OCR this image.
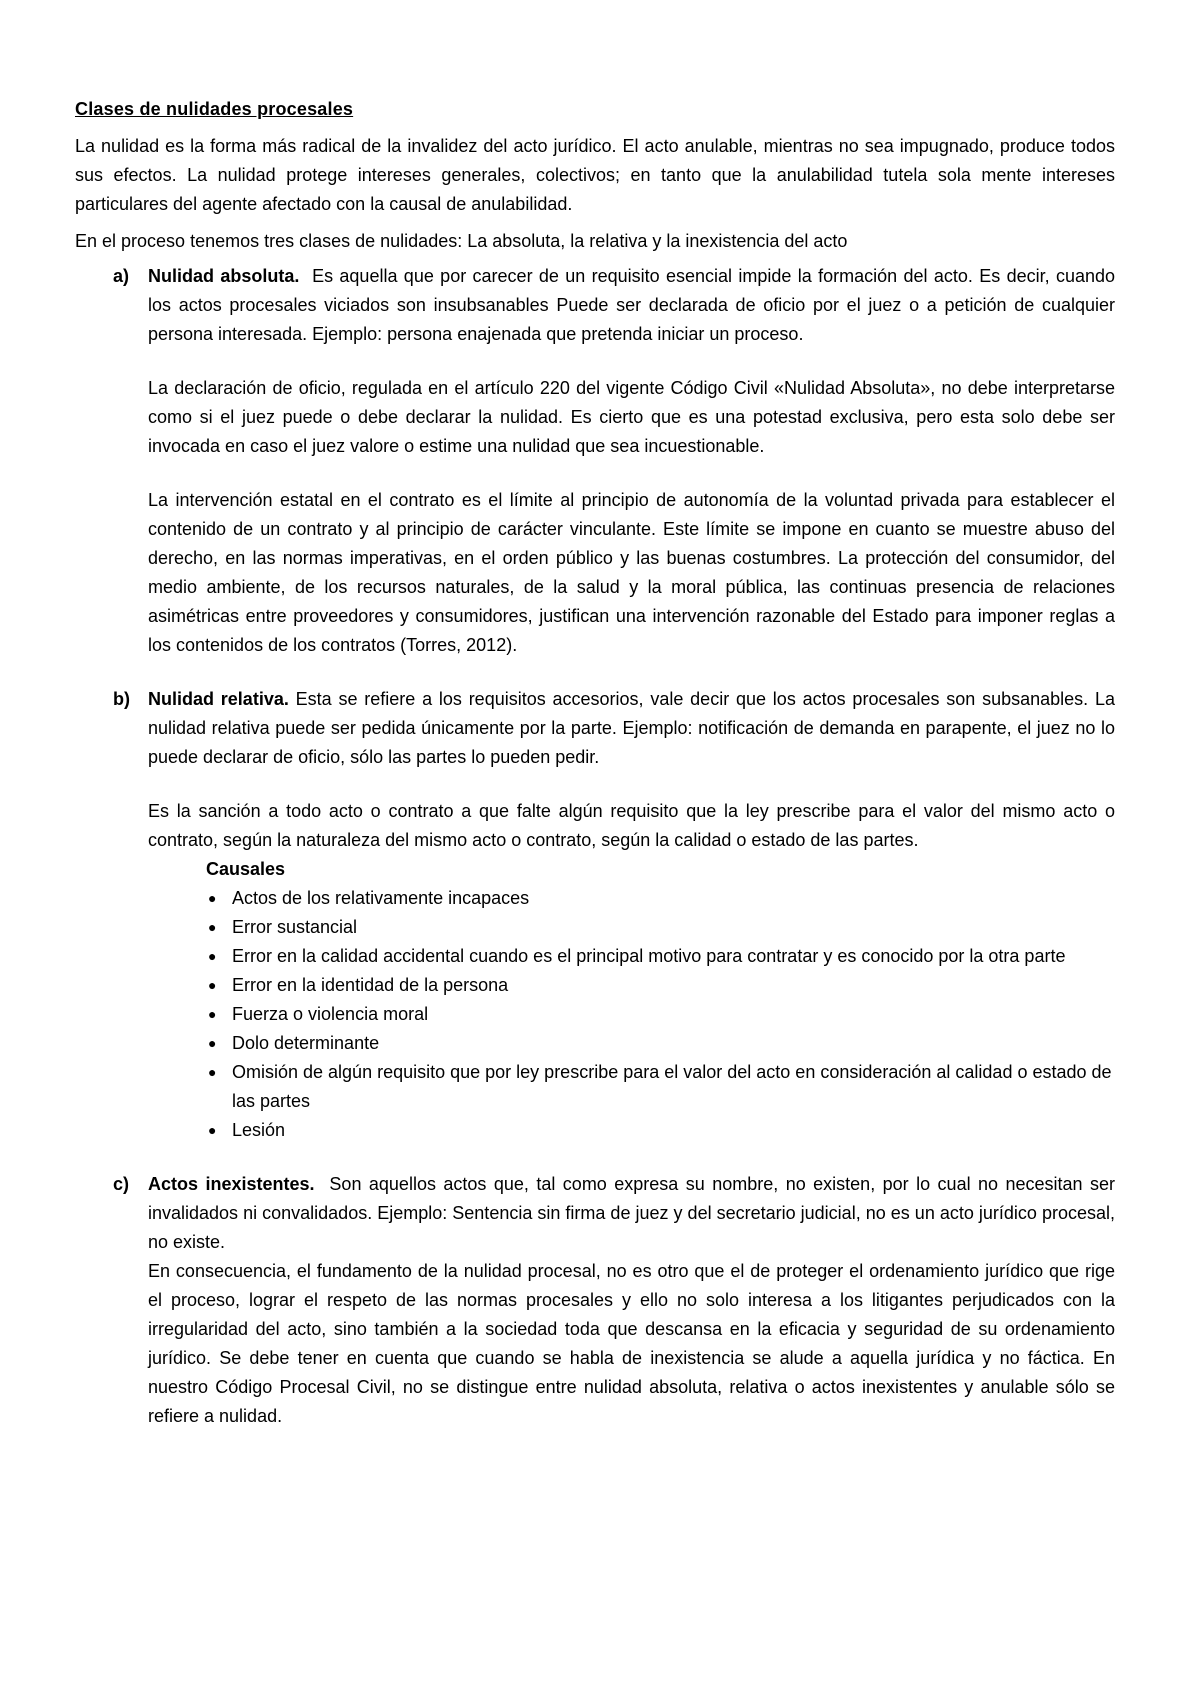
Clases de nulidades procesales

La nulidad es la forma más radical de la invalidez del acto jurídico. El acto anulable, mientras no sea impugnado, produce todos sus efectos. La nulidad protege intereses generales, colectivos; en tanto que la anulabilidad tutela sola mente intereses particulares del agente afectado con la causal de anulabilidad.

En el proceso tenemos tres clases de nulidades: La absoluta, la relativa y la inexistencia del acto

a) Nulidad absoluta. Es aquella que por carecer de un requisito esencial impide la formación del acto. Es decir, cuando los actos procesales viciados son insubsanables Puede ser declarada de oficio por el juez o a petición de cualquier persona interesada. Ejemplo: persona enajenada que pretenda iniciar un proceso.

La declaración de oficio, regulada en el artículo 220 del vigente Código Civil «Nulidad Absoluta», no debe interpretarse como si el juez puede o debe declarar la nulidad. Es cierto que es una potestad exclusiva, pero esta solo debe ser invocada en caso el juez valore o estime una nulidad que sea incuestionable.

La intervención estatal en el contrato es el límite al principio de autonomía de la voluntad privada para establecer el contenido de un contrato y al principio de carácter vinculante. Este límite se impone en cuanto se muestre abuso del derecho, en las normas imperativas, en el orden público y las buenas costumbres. La protección del consumidor, del medio ambiente, de los recursos naturales, de la salud y la moral pública, las continuas presencia de relaciones asimétricas entre proveedores y consumidores, justifican una intervención razonable del Estado para imponer reglas a los contenidos de los contratos (Torres, 2012).

b) Nulidad relativa. Esta se refiere a los requisitos accesorios, vale decir que los actos procesales son subsanables. La nulidad relativa puede ser pedida únicamente por la parte. Ejemplo: notificación de demanda en parapente, el juez no lo puede declarar de oficio, sólo las partes lo pueden pedir.

Es la sanción a todo acto o contrato a que falte algún requisito que la ley prescribe para el valor del mismo acto o contrato, según la naturaleza del mismo acto o contrato, según la calidad o estado de las partes.

Causales

● Actos de los relativamente incapaces
● Error sustancial
● Error en la calidad accidental cuando es el principal motivo para contratar y es conocido por la otra parte
● Error en la identidad de la persona
● Fuerza o violencia moral
● Dolo determinante
● Omisión de algún requisito que por ley prescribe para el valor del acto en consideración al calidad o estado de las partes
● Lesión
c) Actos inexistentes. Son aquellos actos que, tal como expresa su nombre, no existen, por lo cual no necesitan ser invalidados ni convalidados. Ejemplo: Sentencia sin firma de juez y del secretario judicial, no es un acto jurídico procesal, no existe.

En consecuencia, el fundamento de la nulidad procesal, no es otro que el de proteger el ordenamiento jurídico que rige el proceso, lograr el respeto de las normas procesales y ello no solo interesa a los litigantes perjudicados con la irregularidad del acto, sino también a la sociedad toda que descansa en la eficacia y seguridad de su ordenamiento jurídico. Se debe tener en cuenta que cuando se habla de inexistencia se alude a aquella jurídica y no fáctica. En nuestro Código Procesal Civil, no se distingue entre nulidad absoluta, relativa o actos inexistentes y anulable sólo se refiere a nulidad.
